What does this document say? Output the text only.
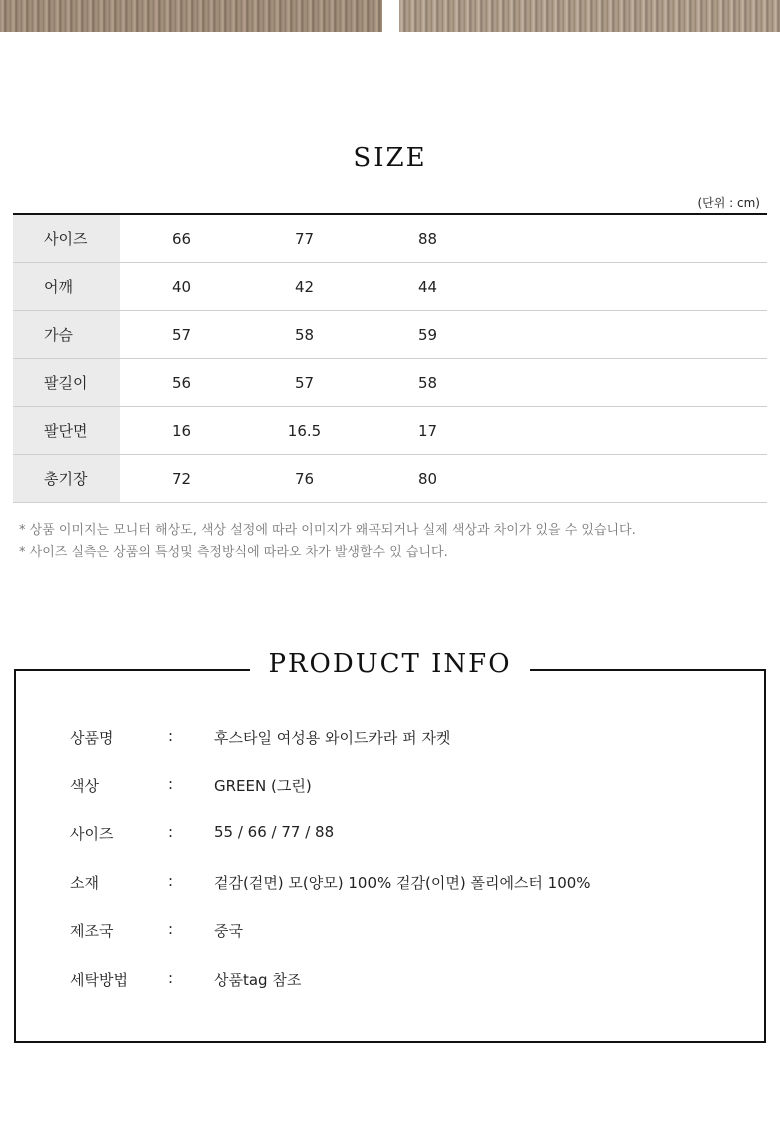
SIZE
(단위 : cm)
사이즈	66	77	88	
어깨	40	42	44	
가슴	57	58	59	
팔길이	56	57	58	
팔단면	16	16.5	17	
총기장	72	76	80	
* 상품 이미지는 모니터 해상도, 색상 설정에 따라 이미지가 왜곡되거나 실제 색상과 차이가 있을 수 있습니다.
* 사이즈 실측은 상품의 특성및 측정방식에 따라오 차가 발생할수 있 습니다.
PRODUCT INFO
상품명	:	후스타일 여성용 와이드카라 퍼 자켓
색상	:	GREEN (그린)
사이즈	:	55 / 66 / 77 / 88
소재	:	겉감(겉면) 모(양모) 100% 겉감(이면) 폴리에스터 100%
제조국	:	중국
세탁방법	:	상품tag 참조
